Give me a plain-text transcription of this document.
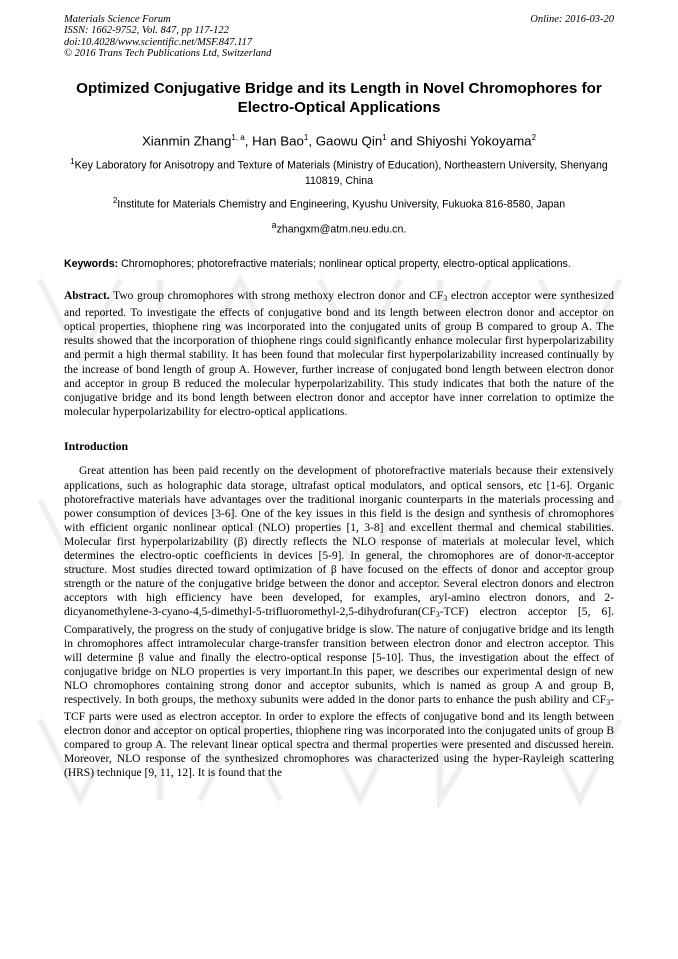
Materials Science Forum
ISSN: 1662-9752, Vol. 847, pp 117-122
doi:10.4028/www.scientific.net/MSF.847.117
© 2016 Trans Tech Publications Ltd, Switzerland
Online: 2016-03-20
Optimized Conjugative Bridge and its Length in Novel Chromophores for Electro-Optical Applications
Xianmin Zhang$^{1, a}$, Han Bao$^1$, Gaowu Qin$^1$ and Shiyoshi Yokoyama$^2$
$^1$Key Laboratory for Anisotropy and Texture of Materials (Ministry of Education), Northeastern University, Shenyang 110819, China
$^2$Institute for Materials Chemistry and Engineering, Kyushu University, Fukuoka 816-8580, Japan
$^a$zhangxm@atm.neu.edu.cn.
Keywords: Chromophores; photorefractive materials; nonlinear optical property, electro-optical applications.
Abstract. Two group chromophores with strong methoxy electron donor and $CF_3$ electron acceptor were synthesized and reported. To investigate the effects of conjugative bond and its length between electron donor and acceptor on optical properties, thiophene ring was incorporated into the conjugated units of group B compared to group A. The results showed that the incorporation of thiophene rings could significantly enhance molecular first hyperpolarizability and permit a high thermal stability. It has been found that molecular first hyperpolarizability increased continually by the increase of bond length of group A. However, further increase of conjugated bond length between electron donor and acceptor in group B reduced the molecular hyperpolarizability. This study indicates that both the nature of the conjugative bridge and its bond length between electron donor and acceptor have inner correlation to optimize the molecular hyperpolarizability for electro-optical applications.
Introduction
Great attention has been paid recently on the development of photorefractive materials because their extensively applications, such as holographic data storage, ultrafast optical modulators, and optical sensors, etc [1-6]. Organic photorefractive materials have advantages over the traditional inorganic counterparts in the materials processing and power consumption of devices [3-6]. One of the key issues in this field is the design and synthesis of chromophores with efficient organic nonlinear optical (NLO) properties [1, 3-8] and excellent thermal and chemical stabilities. Molecular first hyperpolarizability (β) directly reflects the NLO response of materials at molecular level, which determines the electro-optic coefficients in devices [5-9]. In general, the chromophores are of donor-π-acceptor structure. Most studies directed toward optimization of β have focused on the effects of donor and acceptor group strength or the nature of the conjugative bridge between the donor and acceptor. Several electron donors and electron acceptors with high efficiency have been developed, for examples, aryl-amino electron donors, and $2-dicyanomethylene-3-cyano-4,5-dimethyl-5-trifluoromethyl-2,5-dihydrofuran(CF_3-TCF)$ electron acceptor [5, 6]. Comparatively, the progress on the study of conjugative bridge is slow. The nature of conjugative bridge and its length in chromophores affect intramolecular charge-transfer transition between electron donor and electron acceptor. This will determine β value and finally the electro-optical response [5-10]. Thus, the investigation about the effect of conjugative bridge on NLO properties is very important.In this paper, we describes our experimental design of new NLO chromophores containing strong donor and acceptor subunits, which is named as group A and group B, respectively. In both groups, the methoxy subunits were added in the donor parts to enhance the push ability and $CF_3$-TCF parts were used as electron acceptor. In order to explore the effects of conjugative bond and its length between electron donor and acceptor on optical properties, thiophene ring was incorporated into the conjugated units of group B compared to group A. The relevant linear optical spectra and thermal properties were presented and discussed herein. Moreover, NLO response of the synthesized chromophores was characterized using the hyper-Rayleigh scattering (HRS) technique [9, 11, 12]. It is found that the
